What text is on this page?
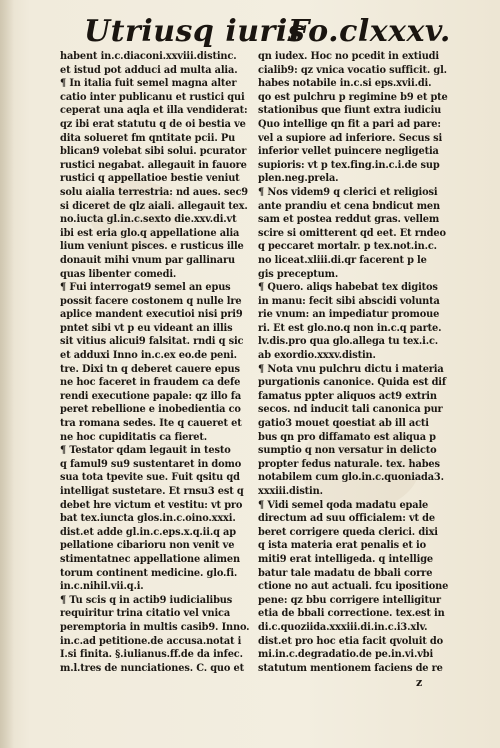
Utriusq iuris
Fo.clxxxv.
habent in.c.diaconi.xxviii.distinc.
et istud pot adduci ad multa alia.
¶ In italia fuit semel magna alter
catio inter publicanu et rustici qui
ceperat una aqla et illa vendiderat:
qz ibi erat statutu q de oi bestia ve
dita solueret fm qntitate pcii. Pu
blican9 volebat sibi solui. pcurator
rustici negabat. allegauit in fauore
rustici q appellatioe bestie veniut
solu aialia terrestria: nd aues. sec9
si diceret de qlz aiali. allegauit tex.
no.iucta gl.in.c.sexto die.xxv.di.vt
ibi est eria glo.q appellatione alia
lium veniunt pisces. e rusticus ille
donauit mihi vnum par gallinaru
quas libenter comedi.
¶ Fui interrogat9 semel an epus
possit facere costonem q nulle lre
aplice mandent executioi nisi pri9
pntet sibi vt p eu videant an illis
sit vitius alicui9 falsitat. rndi q sic
et adduxi Inno in.c.ex eo.de peni.
tre. Dixi tn q deberet cauere epus
ne hoc faceret in fraudem ca defe
rendi executione papale: qz illo fa
peret rebellione e inobedientia co
tra romana sedes. Ite q caueret et
ne hoc cupiditatis ca fieret.
¶ Testator qdam legauit in testo
q famul9 su9 sustentaret in domo
sua tota tpevite sue. Fuit qsitu qd
intelligat sustetare. Et rnsu3 est q
debet hre victum et vestitu: vt pro
bat tex.iuncta glos.in.c.oino.xxxi.
dist.et adde gl.in.c.eps.x.q.ii.q ap
pellatione cibarioru non venit ve
stimentatnec appellatione alimen
torum continent medicine. glo.fi.
in.c.nihil.vii.q.i.
¶ Tu scis q in actib9 iudicialibus
requiritur trina citatio vel vnica
peremptoria in multis casib9. Inno.
in.c.ad petitione.de accusa.notat i
I.si finita. §.iulianus.ff.de da infec.
m.l.tres de nunciationes. C. quo et
qn iudex. Hoc no pcedit in extiudi
cialib9: qz vnica vocatio sufficit. gl.
habes notabile in.c.si eps.xvii.di.
qo est pulchru p regimine b9 et pte
stationibus que fiunt extra iudiciu
Quo intellige qn fit a pari ad pare:
vel a supiore ad inferiore. Secus si
inferior vellet puincere negligetia
supioris: vt p tex.fing.in.c.i.de sup
plen.neg.prela.
¶ Nos videm9 q clerici et religiosi
ante prandiu et cena bndicut men
sam et postea reddut gras. vellem
scire si omitterent qd eet. Et rndeo
q peccaret mortalr. p tex.not.in.c.
no liceat.xliii.di.qr facerent p le
gis preceptum.
¶ Quero. aliqs habebat tex digitos
in manu: fecit sibi abscidi volunta
rie vnum: an impediatur promoue
ri. Et est glo.no.q non in.c.q parte.
lv.dis.pro qua glo.allega tu tex.i.c.
ab exordio.xxxv.distin.
¶ Nota vnu pulchru dictu i materia
purgationis canonice. Quida est dif
famatus ppter aliquos act9 extrin
secos. nd inducit tali canonica pur
gatio3 mouet qoestiat ab ill acti
bus qn pro diffamato est aliqua p
sumptio q non versatur in delicto
propter fedus naturale. tex. habes
notabilem cum glo.in.c.quoniada3.
xxxiii.distin.
¶ Vidi semel qoda madatu epale
directum ad suu officialem: vt de
beret corrigere queda clerici. dixi
q ista materia erat penalis et io
miti9 erat intelligeda. q intellige
batur tale madatu de bbali corre
ctione no aut actuali. fcu ipositione
pene: qz bbu corrigere intelligitur
etia de bbali correctione. tex.est in
di.c.quoziida.xxxiii.di.in.c.i3.xlv.
dist.et pro hoc etia facit qvoluit do
mi.in.c.degradatio.de pe.in.vi.vbi
statutum mentionem faciens de re
z
